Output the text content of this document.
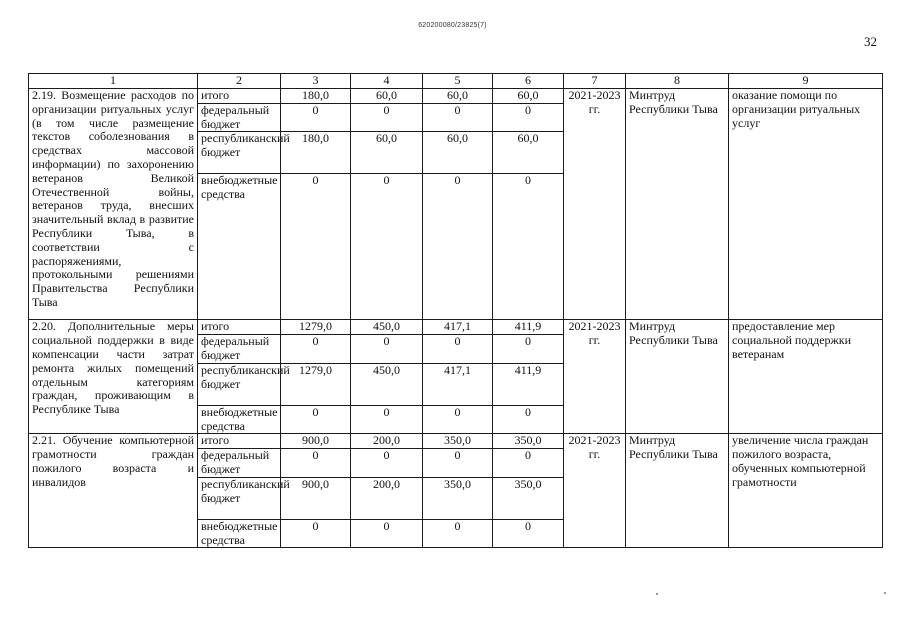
620200080/23825(7)
32
1	2	3	4	5	6	7	8	9
2.19. Возмещение расходов по организации ритуальных услуг (в том числе размещение текстов соболезнования в средствах массовой информации) по захоронению ветеранов Великой Отечественной войны, ветеранов труда, внесших значительный вклад в развитие Республики Тыва, в соответствии с распоряжениями, протокольными решениями Правительства Республики Тыва	итого	180,0	60,0	60,0	60,0	2021-2023 гг.	Минтруд Республики Тыва	оказание помощи по организации ритуальных услуг
	федеральный бюджет	0	0	0	0			
	республиканский бюджет	180,0	60,0	60,0	60,0			
	внебюджетные средства	0	0	0	0			
2.20. Дополнительные меры социальной поддержки в виде компенсации части затрат ремонта жилых помещений отдельным категориям граждан, проживающим в Республике Тыва	итого	1279,0	450,0	417,1	411,9	2021-2023 гг.	Минтруд Республики Тыва	предоставление мер социальной поддержки ветеранам
	федеральный бюджет	0	0	0	0			
	республиканский бюджет	1279,0	450,0	417,1	411,9			
	внебюджетные средства	0	0	0	0			
2.21. Обучение компьютерной грамотности граждан пожилого возраста и инвалидов	итого	900,0	200,0	350,0	350,0	2021-2023 гг.	Минтруд Республики Тыва	увеличение числа граждан пожилого возраста, обученных компьютерной грамотности
	федеральный бюджет	0	0	0	0			
	республиканский бюджет	900,0	200,0	350,0	350,0			
	внебюджетные средства	0	0	0	0			
